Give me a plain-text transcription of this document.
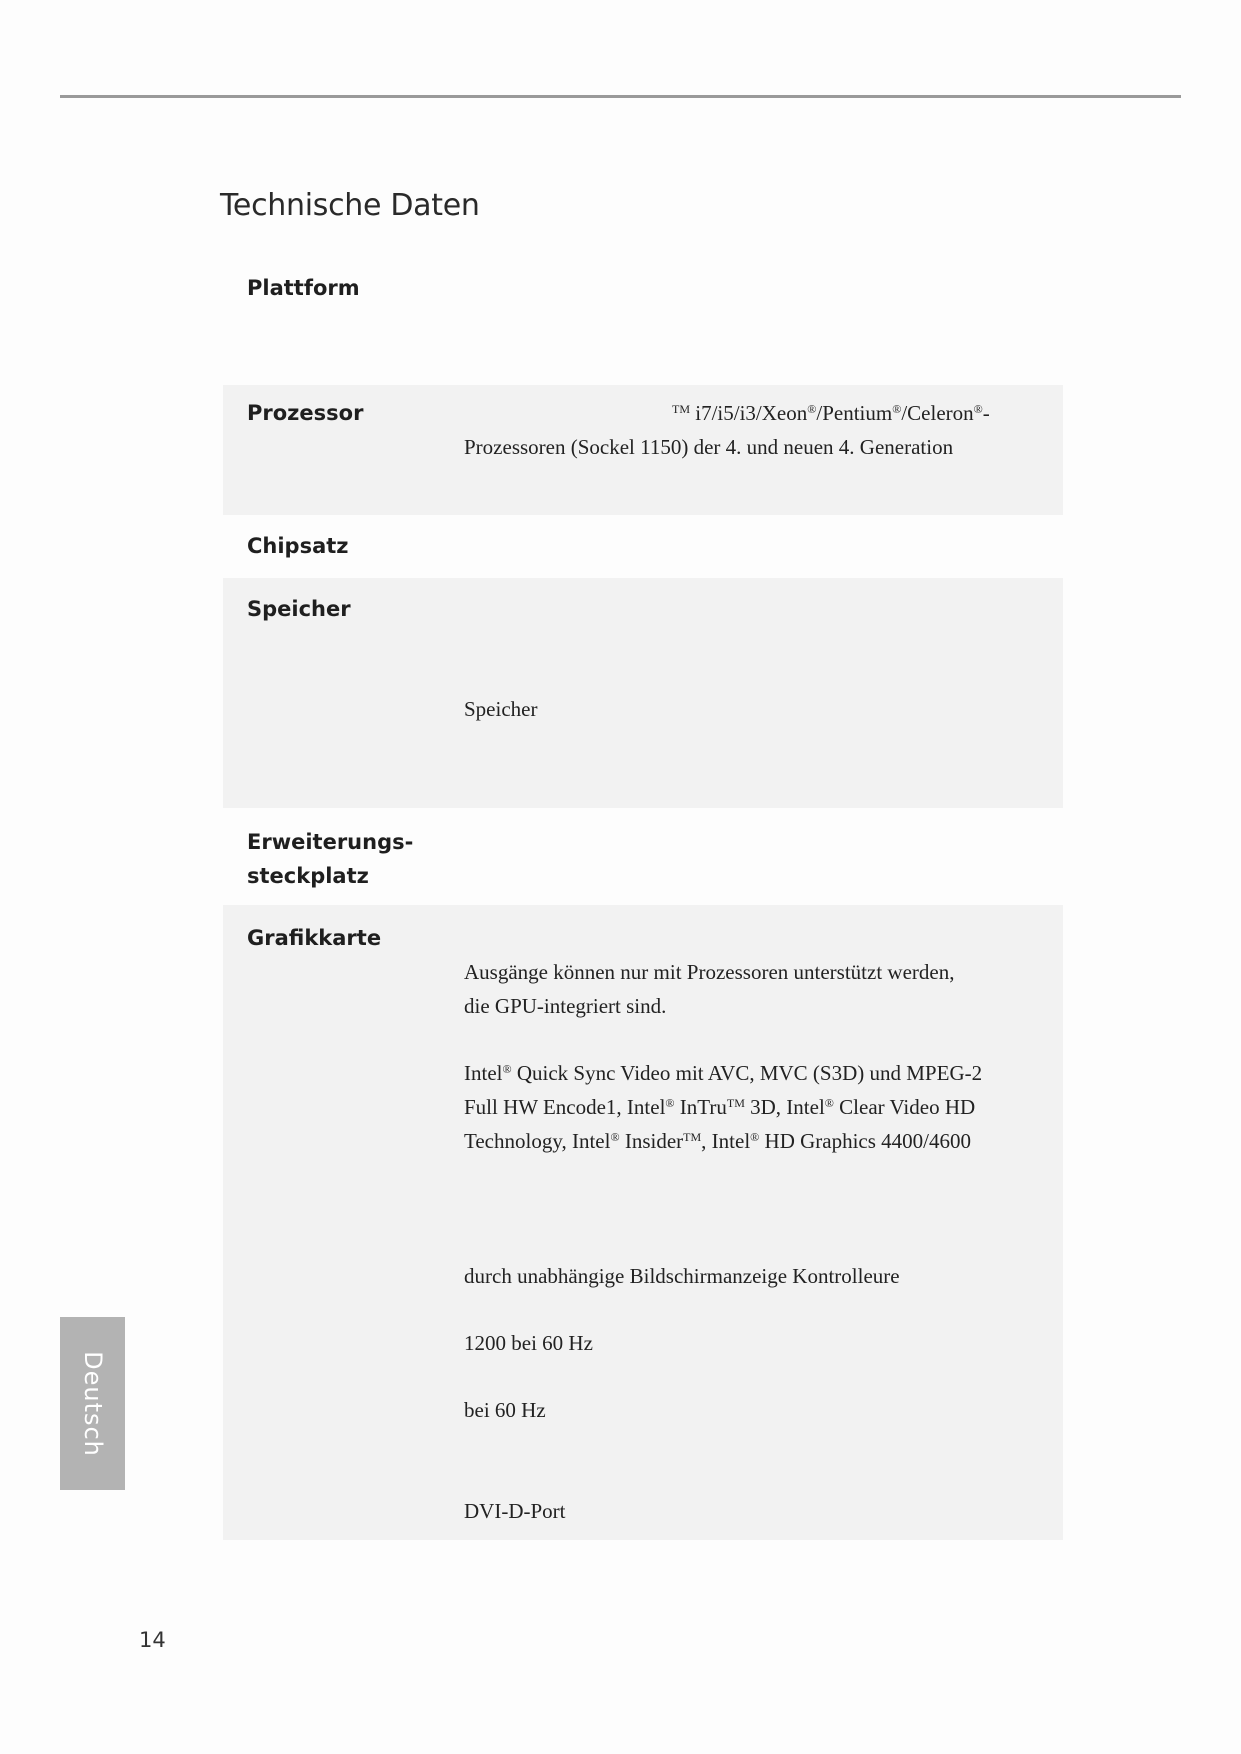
Technische Daten
Plattform
Prozessor	™ i7/i5/i3/Xeon®/Pentium®/Celeron®-
Prozessoren (Sockel 1150) der 4. und neuen 4. Generation
Chipsatz
Speicher
Speicher
Erweiterungs-
steckplatz
Grafikkarte
Ausgänge können nur mit Prozessoren unterstützt werden,
die GPU-integriert sind.
Intel® Quick Sync Video mit AVC, MVC (S3D) und MPEG-2
Full HW Encode1, Intel® InTru™ 3D, Intel® Clear Video HD
Technology, Intel® Insider™, Intel® HD Graphics 4400/4600
durch unabhängige Bildschirmanzeige Kontrolleure
1200 bei 60 Hz
bei 60 Hz
DVI-D-Port
Deutsch
14
